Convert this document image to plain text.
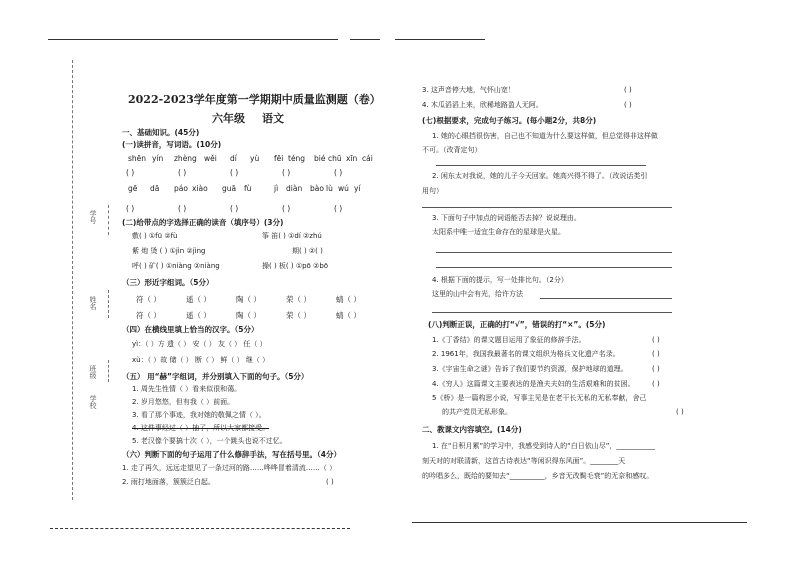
学号
姓名
班级
学校
2022-2023学年度第一学期期中质量监测题（卷）
六年级 语文
一、基础知识。(45分)
(一)读拼音，写词语。(10分)
shēn yín	zhèng wěi	dí	yù	fēi téng	bié chū xīn cái
( )	( )	( )	( )	( )
gē	dā	páo xiào	guā	fù	jì	diàn	bào lù wú yí
( )	( )	( )	( )	( )
(二)给带点的字选择正确的读音（填序号）(3分)
敷( ) ①fū ②fù	筝 笛( ) ①dí ②zhú
紫 炮 烫 ( ) ①jìn ②jìng	期( ) ②( )
呼( ) 矿( ) ①niàng ②niàng	操( ) 板( ) ①pō ②bō
（三）形近字组词。（5分）
符（ ）	遥（ ）	陶（ ）	荣（ ）	蜻（ ）
符（ ）	遥（ ）	陶（ ）	荣（ ）	蜻（ ）
（四）在横线里填上恰当的汉字。（5分）
yì：（ ）方 遗（ ） 安（ ） 友（ ） 任（ ）
xù：（ ）故 储（ ） 断（ ） 鲜（ ） 继（ ）
（五） 用“赫”字组词，并分别填入下面的句子。（5分）
1. 周先生性情（ ）看来似很和蔼。
2. 岁月悠悠，但有我（ ）前面。
3. 看了那个事迹，我对她的敬佩之情（ ）。
4. 这件事经过（ ）抽了，所以大家都接受。
5. 老汉像个要搞十次（ ），一个跳头也说不过忆。
（六）判断下面的句子运用了什么修辞手法，写在括号里。（4分）
1. 走了再久，远远走望见了一条过河的路……哗哗冒着清流……（ ）
2. 雨打地面落，簇簇泛白起。	( )
3. 这声音停大地，气怀山宽！	( )
4. 木瓜滔滔上来，欣稀地路盈人无阿。	( )
(七)根据要求，完成句子练习。(每小题2分，共8分)
1. 她的心眼挡很伤害，自己也不知道为什么要这样做，但总觉得非这样做
不可。（改背定句）
2. 闲东太对我说，她的儿子今天回家。她高兴得不得了。（改说话类引
用句）
3. 下面句子中加点的词语能否去掉？说说理由。
太阳系中唯一适宜生命存在的星球是火星。
4. 根据下面的提示，写一处排比句。（2分）
这里的山中会有光，给许方法
(八)判断正误，正确的打“√”，错误的打“×”。(5分)
1.《丁香结》的课文题目运用了象征的修辞手法。	( )
2. 1961年，我国我最著名的课文组织为格兵文化遗产名录。	( )
3.《宇宙生命之谜》告诉了我们要节约资源，保护地球的道理。	( )
4.《穷人》这篇课文主要表达的是渔夫夫妇的生活艰难和的贫困。 ( )
5《桥》是一篇构思小说，写事主见是在老干长无私的无私奉献，舍己
的共产党员无私形象。	( )
二、教课文内容填空。(14分)
1. 在“日积月累”的学习中，我感受到诗人的“白日依山尽”，___________
刻天对的对联清新，这首古诗表达“等闲识得东风面”。________天
的吟唱多么，既给的要知去“__________，乡音无改鬓毛衰”的无奈和感叹。
